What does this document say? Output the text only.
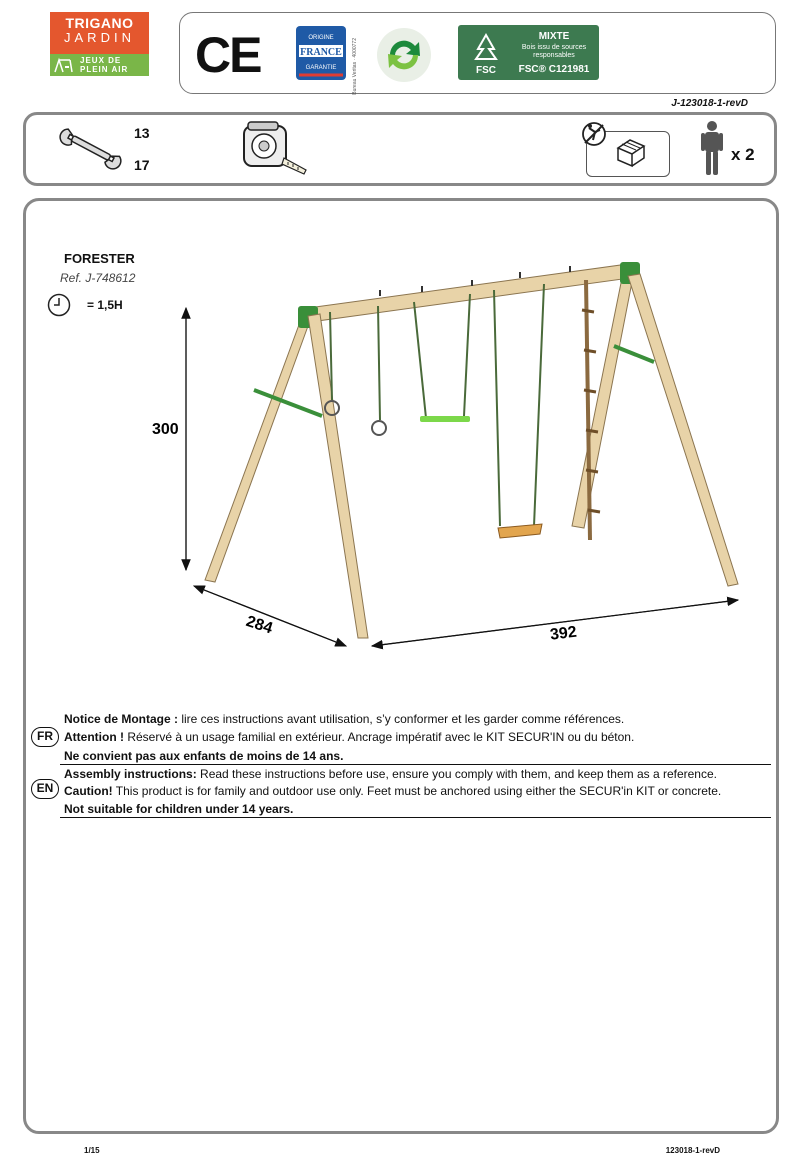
TRIGANO
JARDIN
JEUX DE
PLEIN AIR CE	ORIGINE
FRANCE
GARANTIE	Bureau Veritas · 4000772	FSC
MIXTE
Bois issu de sources responsables
FSC® C121981
J-123018-1-revD
13
17
x 2
FORESTER
Ref. J-748612
= 1,5H
300
284	392
FR
Notice de Montage : lire ces instructions avant utilisation, s’y conformer et les garder comme références.
Attention ! Réservé à un usage familial en extérieur. Ancrage impératif avec le KIT SECUR'IN ou du béton.
Ne convient pas aux enfants de moins de 14 ans.
EN
Assembly instructions: Read these instructions before use, ensure you comply with them, and keep them as a reference.
Caution! This product is for family and outdoor use only. Feet must be anchored using either the SECUR'in KIT or concrete.
Not suitable for children under 14 years.
1/15	123018-1-revD
